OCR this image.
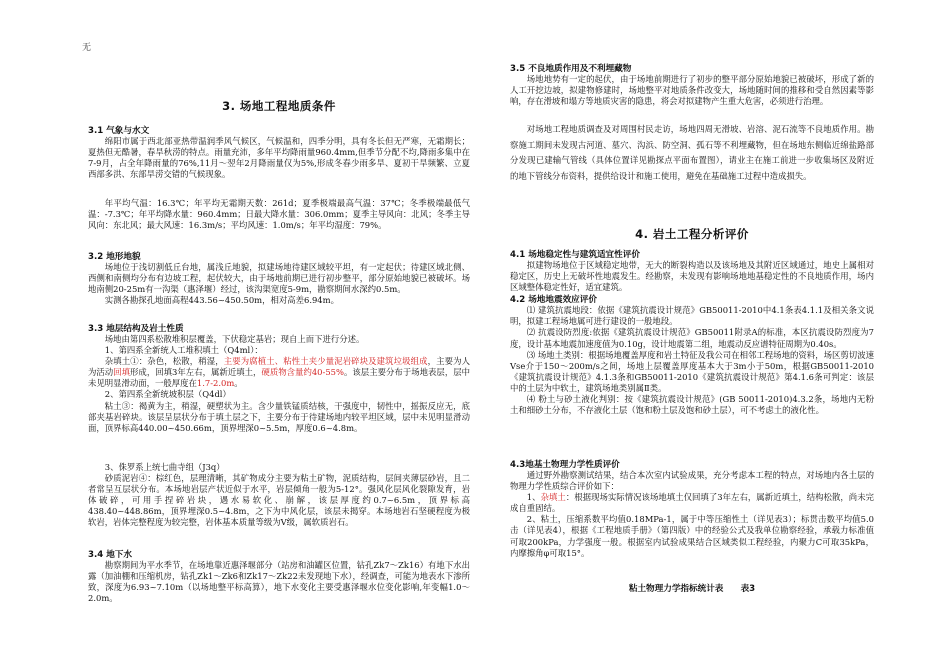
无
3. 场地工程地质条件
3.1 气象与水文

绵阳市属于西北部亚热带温润季风气候区，气候温和，四季分明，具有冬长但无严寒，无霜期长；夏热但无酷暑，春旱秋涝的特点。雨量充沛，多年平均降雨量960.4mm,但季节分配不均,降雨多集中在7-9月，占全年降雨量的76%,11月～翌年2月降雨量仅为5%,形成冬春少雨多旱、夏初干旱频繁、立夏西部多洪、东部旱涝交错的气候现象。

年平均气温：16.3℃；年平均无霜期天数：261d；夏季极端最高气温：37℃；冬季极端最低气温：-7.3℃；年平均降水量：960.4mm；日最大降水量：306.0mm；夏季主导风向：北风；冬季主导风向：东北风；最大风速：16.3m/s；平均风速：1.0m/s；年平均湿度：79%。

3.2 地形地貌

场地位于浅切割低丘台地，属浅丘地貌，拟建场地待建区域较平坦，有一定起伏；待建区域北侧、西侧和南侧均分布有边坡工程，起伏较大，由于场地前期已进行初步整平，部分原始地貌已被破坏。场地南侧20-25m有一沟渠（惠泽堰）经过，该沟渠宽度5-9m，勘察期间水深约0.5m。

实测各勘探孔地面高程443.56~450.50m，相对高差6.94m。

3.3 地层结构及岩土性质

场地由第四系松散堆积层覆盖，下伏稳定基岩；现自上而下进行分述。

1、第四系全新统人工堆积填土（Q4ml）：

杂填土①：杂色，松散，稍湿，主要为腐植土、粘性土夹少量泥岩碎块及建筑垃圾组成，主要为人为活动回填形成，回填3年左右，属新近填土，硬质物含量约40-55%。该层主要分布于场地表层，层中未见明显滑动面，一般厚度在1.7-2.0m。

2、第四系全新统坡积层（Q4dl）

粘土③：褐黄为主，稍湿，硬塑状为主。含少量铁锰质结核，干强度中，韧性中，摇振反应无，底部夹基岩碎块。该层呈层状分布于填土层之下，主要分布于待建场地内较平坦区域，层中未见明显滑动面，顶界标高440.00~450.66m，顶界埋深0~5.5m，厚度0.6~4.8m。

3、侏罗系上统七曲寺组（J3q）

砂质泥岩④：棕红色，层理清晰，其矿物成分主要为粘土矿物，泥质结构，层间夹薄层砂岩，且二者常呈互层状分布。本场地岩层产状近似于水平，岩层倾角一般为5-12°。强风化层风化裂隙发育，岩体破碎，可用手捏碎岩块，遇水易软化、崩解，该层厚度约0.7~6.5m，顶界标高438.40~448.86m，顶界埋深0.5~4.8m，之下为中风化层，该层未揭穿。本场地岩石坚硬程度为极软岩，岩体完整程度为较完整，岩体基本质量等级为Ⅴ级，属软质岩石。

3.4 地下水

勘察期间为平水季节，在场地靠近惠泽堰部分（站房和油罐区位置，钻孔Zk7～Zk16）有地下水出露（加油棚和压缩机房，钻孔Zk1～Zk6和Zk17～Zk22未发现地下水），经调查，可能为地表水下渗所致，深度为6.93~7.10m（以场地整平标高算），地下水变化主要受惠泽堰水位变化影响,年变幅1.0～2.0m。

3.5 不良地质作用及不利埋藏物

场地地势有一定的起伏，由于场地前期进行了初步的整平部分原始地貌已被破坏，形成了新的人工开挖边坡，拟建物修建时，场地整平对地质条件改变大，场地随时间的推移和受自然因素等影响，存在滑坡和塌方等地质灾害的隐患，将会对拟建物产生重大危害，必须进行治理。

对场地工程地质调查及对周围村民走访，场地四周无滑坡、岩溶、泥石流等不良地质作用。勘察施工期间未发现古河道、墓穴、沟浜、防空洞、孤石等不利埋藏物，但在场地东侧临近绵盐路部分发现已建输气管线（具体位置详见勘探点平面布置图），请业主在施工前进一步收集场区及附近的地下管线分布资料，提供给设计和施工使用，避免在基础施工过程中造成损失。

4. 岩土工程分析评价
4.1 场地稳定性与建筑适宜性评价

拟建物场地位于区域稳定地带，无大的断裂构造以及该场地及其附近区域通过，地史上属相对稳定区，历史上无破坏性地震发生。经勘察，未发现有影响场地地基稳定性的不良地质作用，场内区域整体稳定性好，适宜建筑。

4.2 场地地震效应评价

⑴ 建筑抗震地段：依据《建筑抗震设计规范》GB50011-2010中4.1条表4.1.1及相关条文说明，拟建工程场地属可进行建设的一般地段。

⑵ 抗震设防烈度:依据《建筑抗震设计规范》GB50011附录A的标准，本区抗震设防烈度为7度，设计基本地震加速度值为0.10g，设计地震第二组，地震动反应谱特征周期为0.40s。

⑶ 场地土类别：根据场地覆盖厚度和岩土特征及我公司在相邻工程场地的资料，场区剪切波速Vse介于150～200m/s之间，场地上层覆盖厚度基本大于3m小于50m，根据GB50011-2010《建筑抗震设计规范》4.1.3条和GB50011-2010《建筑抗震设计规范》第4.1.6条可判定：该层中的土层为中软土，建筑场地类别属Ⅱ类。

⑷ 粉土与砂土液化判别：按《建筑抗震设计规范》(GB 50011-2010)4.3.2条，场地内无粉土和细砂土分布，不存液化土层（饱和粉土层及饱和砂土层），可不考虑土的液化性。

4.3地基土物理力学性质评价

通过野外勘察测试结果，结合本次室内试验成果，充分考虑本工程的特点，对场地内各土层的物理力学性质综合评价如下：

1、杂填土：根据现场实际情况该场地填土仅回填了3年左右，属新近填土，结构松散，尚未完成自重固结。

2、粘土，压缩系数平均值0.18MPa-1，属于中等压缩性土（详见表3）；标贯击数平均值5.0击（详见表4），根据《工程地质手册》（第四版）中的经验公式及我单位勘察经验，承载力标准值可取200kPa，力学强度一般。根据室内试验成果结合区域类似工程经验，内聚力C可取35kPa，内摩擦角φ可取15°。

粘土物理力学指标统计表　　表3
